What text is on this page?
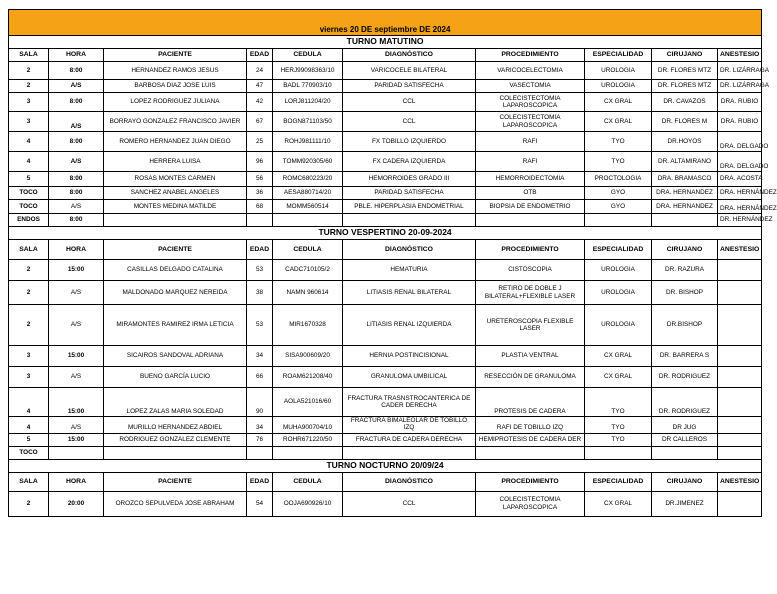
viernes 20 DE septiembre DE 2024									
TURNO MATUTINO									
SALA	HORA	PACIENTE	EDAD	CEDULA	DIAGNÓSTICO	PROCEDIMIENTO	ESPECIALIDAD	CIRUJANO	ANESTESIO
2	8:00	HERNANDEZ RAMOS JESUS	24	HERJ99098363/10	VARICOCELE BILATERAL	VARICOCELECTOMIA	UROLOGIA	DR. FLORES MTZ	DR. LIZÁRRAGA
2	A/S	BARBOSA DIAZ JOSE LUIS	47	BADL 770903/10	PARIDAD SATISFECHA	VASECTOMIA	UROLOGIA	DR. FLORES MTZ	DR. LIZÁRRAGA
3	8:00	LOPEZ RODRIGUEZ JULIANA	42	LORJ811204/20	CCL	COLECISTECTOMIA LAPAROSCOPICA	CX GRAL	DR. CAVAZOS	DRA. RUBIO
3	A/S	BORRAYO GONZALEZ FRANCISCO JAVIER	67	BOGN871103/50	CCL	COLECISTECTOMIA LAPAROSCOPICA	CX GRAL	DR. FLORES M	DRA. RUBIO
4	8:00	ROMERO HERNANDEZ JUAN DIEGO	25	ROHJ981111/10	FX TOBILLO IZQUIERDO	RAFI	TYO	DR.HOYOS	DRA. DELGADO
4	A/S	HERRERA LUISA	96	TOMM920305/60	FX CADERA IZQUIERDA	RAFI	TYO	DR. ALTAMIRANO	DRA. DELGADO
5	8:00	ROSAS MONTES CARMEN	56	ROMC680223/20	HEMORROIDES GRADO III	HEMORROIDECTOMIA	PROCTOLOGIA	DRA. BRAMASCO	DRA. ACOSTA
TOCO	8:00	SANCHEZ ANABEL ANGELES	36	AESA880714/20	PARIDAD SATISFECHA	OTB	GYO	DRA. HERNANDEZ	DRA. HERNÁNDEZ
TOCO	A/S	MONTES MEDINA MATILDE	68	MOMM560514	PBLE. HIPERPLASIA ENDOMETRIAL	BIOPSIA DE ENDOMETRIO	GYO	DRA. HERNANDEZ	DRA. HERNÁNDEZ
ENDOS	8:00								DR. HERNÁNDEZ
TURNO VESPERTINO 20-09-2024									
SALA	HORA	PACIENTE	EDAD	CEDULA	DIAGNÓSTICO	PROCEDIMIENTO	ESPECIALIDAD	CIRUJANO	ANESTESIO
2	15:00	CASILLAS DELGADO CATALINA	53	CADC710105/2	HEMATURIA	CISTOSCOPIA	UROLOGIA	DR. RAZURA	
2	A/S	MALDONADO MARQUEZ NEREIDA	38	NAMN 960614	LITIASIS RENAL BILATERAL	RETIRO DE DOBLE J BILATERAL+FLEXIBLE LASER	UROLOGIA	DR. BISHOP	
2	A/S	MIRAMONTES RAMIREZ IRMA LETICIA	53	MIR1670328	LITIASIS RENAL IZQUIERDA	URETEROSCOPIA FLEXIBLE LASER	UROLOGIA	DR.BISHOP	
3	15:00	SICAIROS SANDOVAL ADRIANA	34	SISA900609/20	HERNIA POSTINCISIONAL	PLASTIA VENTRAL	CX GRAL	DR. BARRERA S	
3	A/S	BUENO GARCÍA LUCIO	66	ROAM621208/40	GRANULOMA UMBILICAL	RESECCIÓN DE GRANULOMA	CX GRAL	DR. RODRIGUEZ	
4	15:00	LOPEZ ZALAS MARIA SOLEDAD	90	AOLA521016/60	FRACTURA TRASNSTROCANTERICA DE CADER DERECHA	PROTESIS DE CADERA	TYO	DR. RODRIGUEZ	
4	A/S	MURILLO HERNANDEZ ABDIEL	34	MUHA900704/10	FRACTURA BIMALEOLAR DE TOBILLO IZQ	RAFI DE TOBILLO IZQ	TYO	DR JUG	
5	15:00	RODRIGUEZ GONZALEZ CLEMENTE	76	ROHR671220/50	FRACTURA DE CADERA DERECHA	HEMIPROTESIS DE CADERA DER	TYO	DR CALLEROS	
TOCO									
TURNO NOCTURNO 20/09/24									
SALA	HORA	PACIENTE	EDAD	CEDULA	DIAGNÓSTICO	PROCEDIMIENTO	ESPECIALIDAD	CIRUJANO	ANESTESIO
2	20:00	OROZCO SEPULVEDA JOSE ABRAHAM	54	OOJA690926/10	CCL	COLECISTECTOMIA LAPAROSCOPICA	CX GRAL	DR.JIMENEZ	
